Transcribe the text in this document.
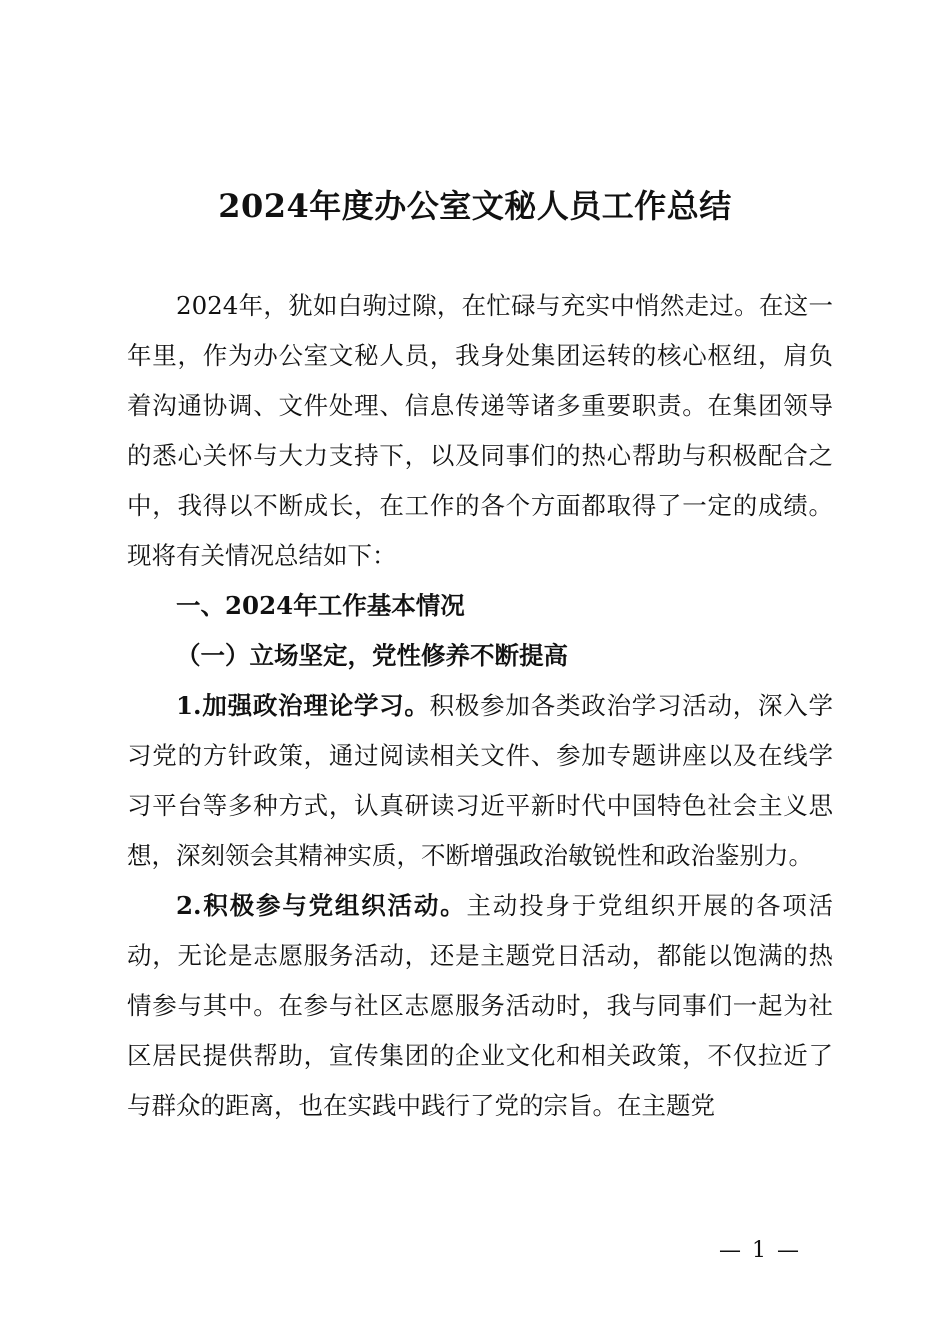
2024年度办公室文秘人员工作总结

2024年，犹如白驹过隙，在忙碌与充实中悄然走过。在这一年里，作为办公室文秘人员，我身处集团运转的核心枢纽，肩负着沟通协调、文件处理、信息传递等诸多重要职责。在集团领导的悉心关怀与大力支持下，以及同事们的热心帮助与积极配合之中，我得以不断成长，在工作的各个方面都取得了一定的成绩。现将有关情况总结如下：

一、2024年工作基本情况

（一）立场坚定，党性修养不断提高

1.加强政治理论学习。积极参加各类政治学习活动，深入学习党的方针政策，通过阅读相关文件、参加专题讲座以及在线学习平台等多种方式，认真研读习近平新时代中国特色社会主义思想，深刻领会其精神实质，不断增强政治敏锐性和政治鉴别力。

2.积极参与党组织活动。主动投身于党组织开展的各项活动，无论是志愿服务活动，还是主题党日活动，都能以饱满的热情参与其中。在参与社区志愿服务活动时，我与同事们一起为社区居民提供帮助，宣传集团的企业文化和相关政策，不仅拉近了与群众的距离，也在实践中践行了党的宗旨。在主题党

— 1 —
